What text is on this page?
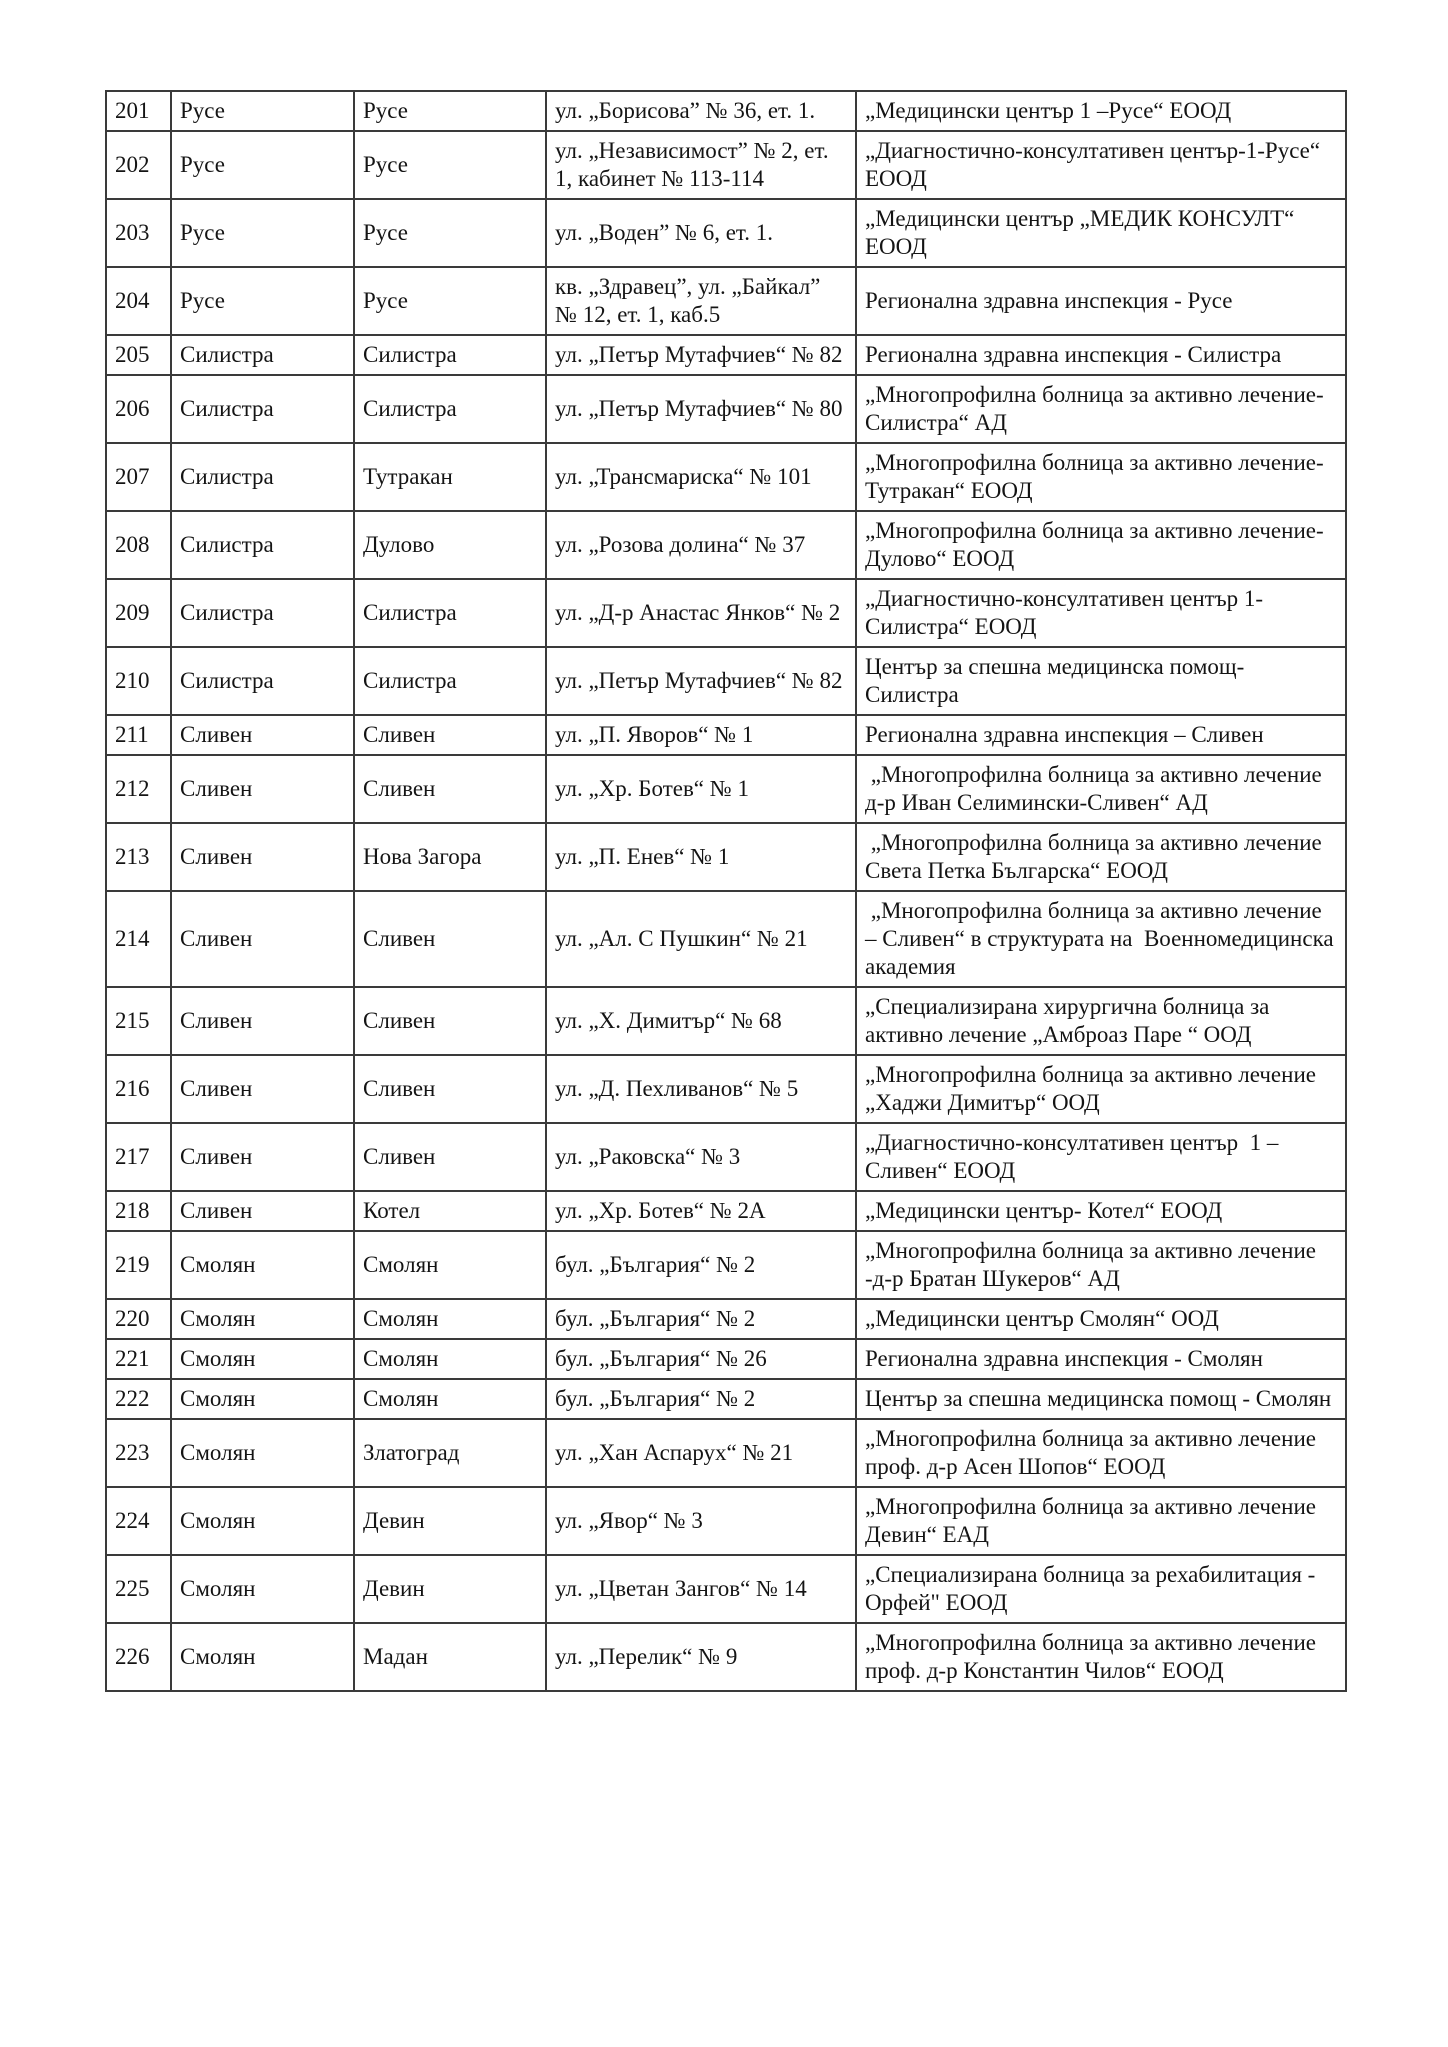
201	Русе	Русе	ул. „Борисова” № 36, ет. 1.	„Медицински център 1 –Русе“ ЕООД
202	Русе	Русе	ул. „Независимост” № 2, ет. 1, кабинет № 113-114	„Диагностично-консултативен център-1-Русе“ ЕООД
203	Русе	Русе	ул. „Воден” № 6, ет. 1.	„Медицински център „МЕДИК КОНСУЛТ“ ЕООД
204	Русе	Русе	кв. „Здравец”, ул. „Байкал” № 12, ет. 1, каб.5	Регионална здравна инспекция - Русе
205	Силистра	Силистра	ул. „Петър Мутафчиев“ № 82	Регионална здравна инспекция - Силистра
206	Силистра	Силистра	ул. „Петър Мутафчиев“ № 80	„Многопрофилна болница за активно лечение-Силистра“ АД
207	Силистра	Тутракан	ул. „Трансмариска“ № 101	„Многопрофилна болница за активно лечение-Тутракан“ ЕООД
208	Силистра	Дулово	ул. „Розова долина“ № 37	„Многопрофилна болница за активно лечение-Дулово“ ЕООД
209	Силистра	Силистра	ул. „Д-р Анастас Янков“ № 2	„Диагностично-консултативен център 1- Силистра“ ЕООД
210	Силистра	Силистра	ул. „Петър Мутафчиев“ № 82	Център за спешна медицинска помощ-Силистра
211	Сливен	Сливен	ул. „П. Яворов“ № 1	Регионална здравна инспекция – Сливен
212	Сливен	Сливен	ул. „Хр. Ботев“ № 1	„Многопрофилна болница за активно лечение д-р Иван Селимински-Сливен“ АД
213	Сливен	Нова Загора	ул. „П. Енев“ № 1	„Многопрофилна болница за активно лечение Света Петка Българска“ ЕООД
214	Сливен	Сливен	ул. „Ал. С Пушкин“ № 21	„Многопрофилна болница за активно лечение – Сливен“ в структурата на  Военномедицинска академия
215	Сливен	Сливен	ул. „Х. Димитър“ № 68	„Специализирана хирургична болница за активно лечение „Амброаз Паре “ ООД
216	Сливен	Сливен	ул. „Д. Пехливанов“ № 5	„Многопрофилна болница за активно лечение „Хаджи Димитър“ ООД
217	Сливен	Сливен	ул. „Раковска“ № 3	„Диагностично-консултативен център  1 – Сливен“ ЕООД
218	Сливен	Котел	ул. „Хр. Ботев“ № 2А	„Медицински център- Котел“ ЕООД
219	Смолян	Смолян	бул. „България“ № 2	„Многопрофилна болница за активно лечение -д-р Братан Шукеров“ АД
220	Смолян	Смолян	бул. „България“ № 2	„Медицински център Смолян“ ООД
221	Смолян	Смолян	бул. „България“ № 26	Регионална здравна инспекция - Смолян
222	Смолян	Смолян	бул. „България“ № 2	Център за спешна медицинска помощ - Смолян
223	Смолян	Златоград	ул. „Хан Аспарух“ № 21	„Многопрофилна болница за активно лечение проф. д-р Асен Шопов“ ЕООД
224	Смолян	Девин	ул. „Явор“ № 3	„Многопрофилна болница за активно лечение  Девин“ ЕАД
225	Смолян	Девин	ул. „Цветан Зангов“ № 14	„Специализирана болница за рехабилитация - Орфей" ЕООД
226	Смолян	Мадан	ул. „Перелик“ № 9	„Многопрофилна болница за активно лечение проф. д-р Константин Чилов“ ЕООД
